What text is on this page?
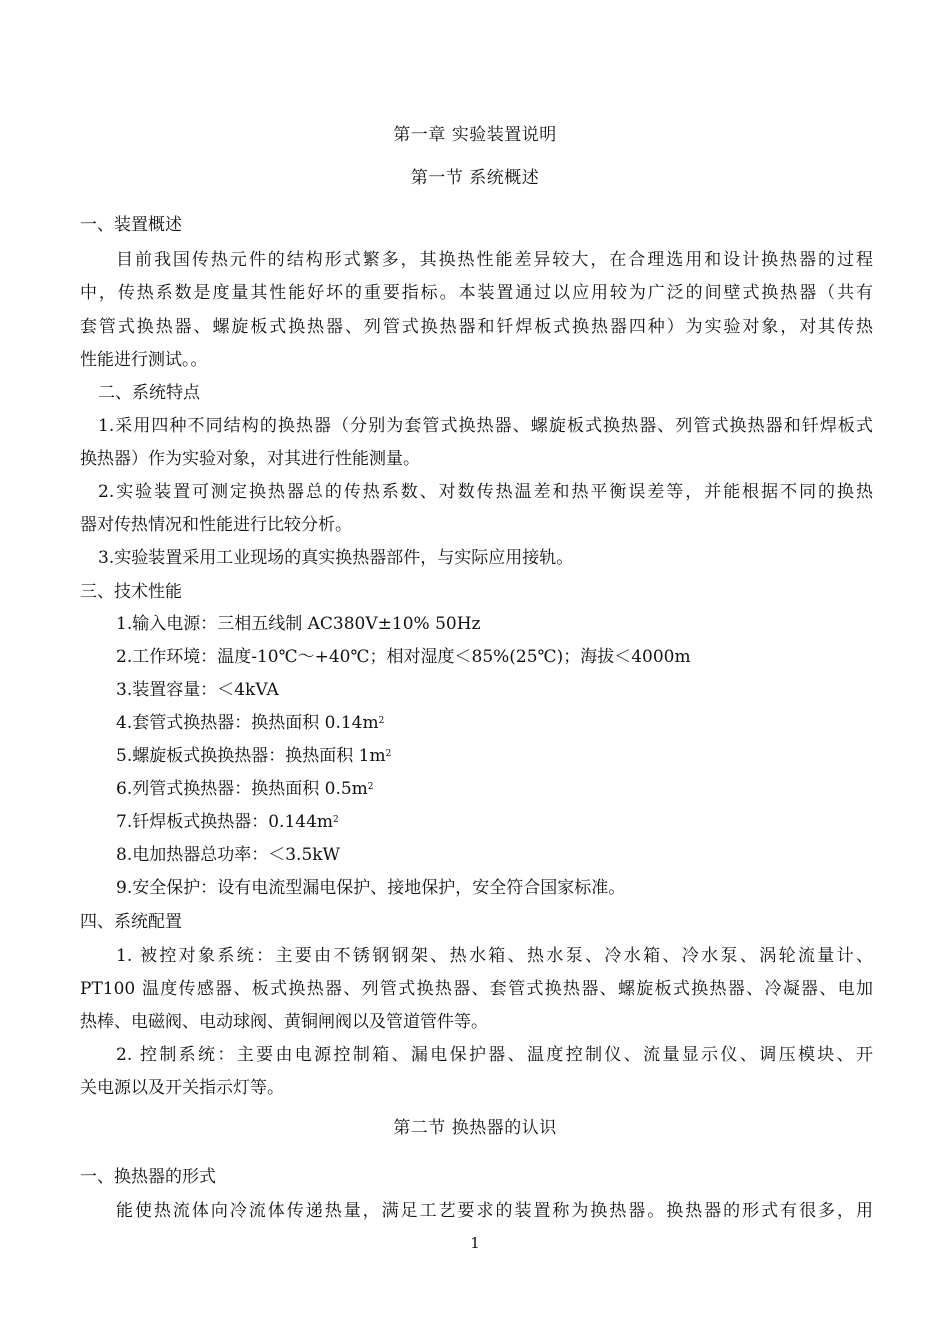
第一章 实验装置说明
第一节 系统概述
一、装置概述
目前我国传热元件的结构形式繁多，其换热性能差异较大，在合理选用和设计换热器的过程
中，传热系数是度量其性能好坏的重要指标。本装置通过以应用较为广泛的间壁式换热器（共有
套管式换热器、螺旋板式换热器、列管式换热器和钎焊板式换热器四种）为实验对象，对其传热
性能进行测试。。
二、系统特点
1.采用四种不同结构的换热器（分别为套管式换热器、螺旋板式换热器、列管式换热器和钎焊板式
换热器）作为实验对象，对其进行性能测量。
2.实验装置可测定换热器总的传热系数、对数传热温差和热平衡误差等，并能根据不同的换热
器对传热情况和性能进行比较分析。
3.实验装置采用工业现场的真实换热器部件，与实际应用接轨。
三、技术性能
1.输入电源：三相五线制 AC380V±10% 50Hz
2.工作环境：温度-10℃～+40℃；相对湿度＜85%(25℃)；海拔＜4000m
3.装置容量：＜4kVA
4.套管式换热器：换热面积 $0.14m^2$
5.螺旋板式换换热器：换热面积 $1m^2$
6.列管式换热器：换热面积 $0.5m^2$
7.钎焊板式换热器：$0.144m^2$
8.电加热器总功率：＜3.5kW
9.安全保护：设有电流型漏电保护、接地保护，安全符合国家标准。
四、系统配置
1. 被控对象系统：主要由不锈钢钢架、热水箱、热水泵、冷水箱、冷水泵、涡轮流量计、
PT100 温度传感器、板式换热器、列管式换热器、套管式换热器、螺旋板式换热器、冷凝器、电加
热棒、电磁阀、电动球阀、黄铜闸阀以及管道管件等。
2. 控制系统：主要由电源控制箱、漏电保护器、温度控制仪、流量显示仪、调压模块、开
关电源以及开关指示灯等。
第二节 换热器的认识
一、换热器的形式
能使热流体向冷流体传递热量，满足工艺要求的装置称为换热器。换热器的形式有很多，用
1
